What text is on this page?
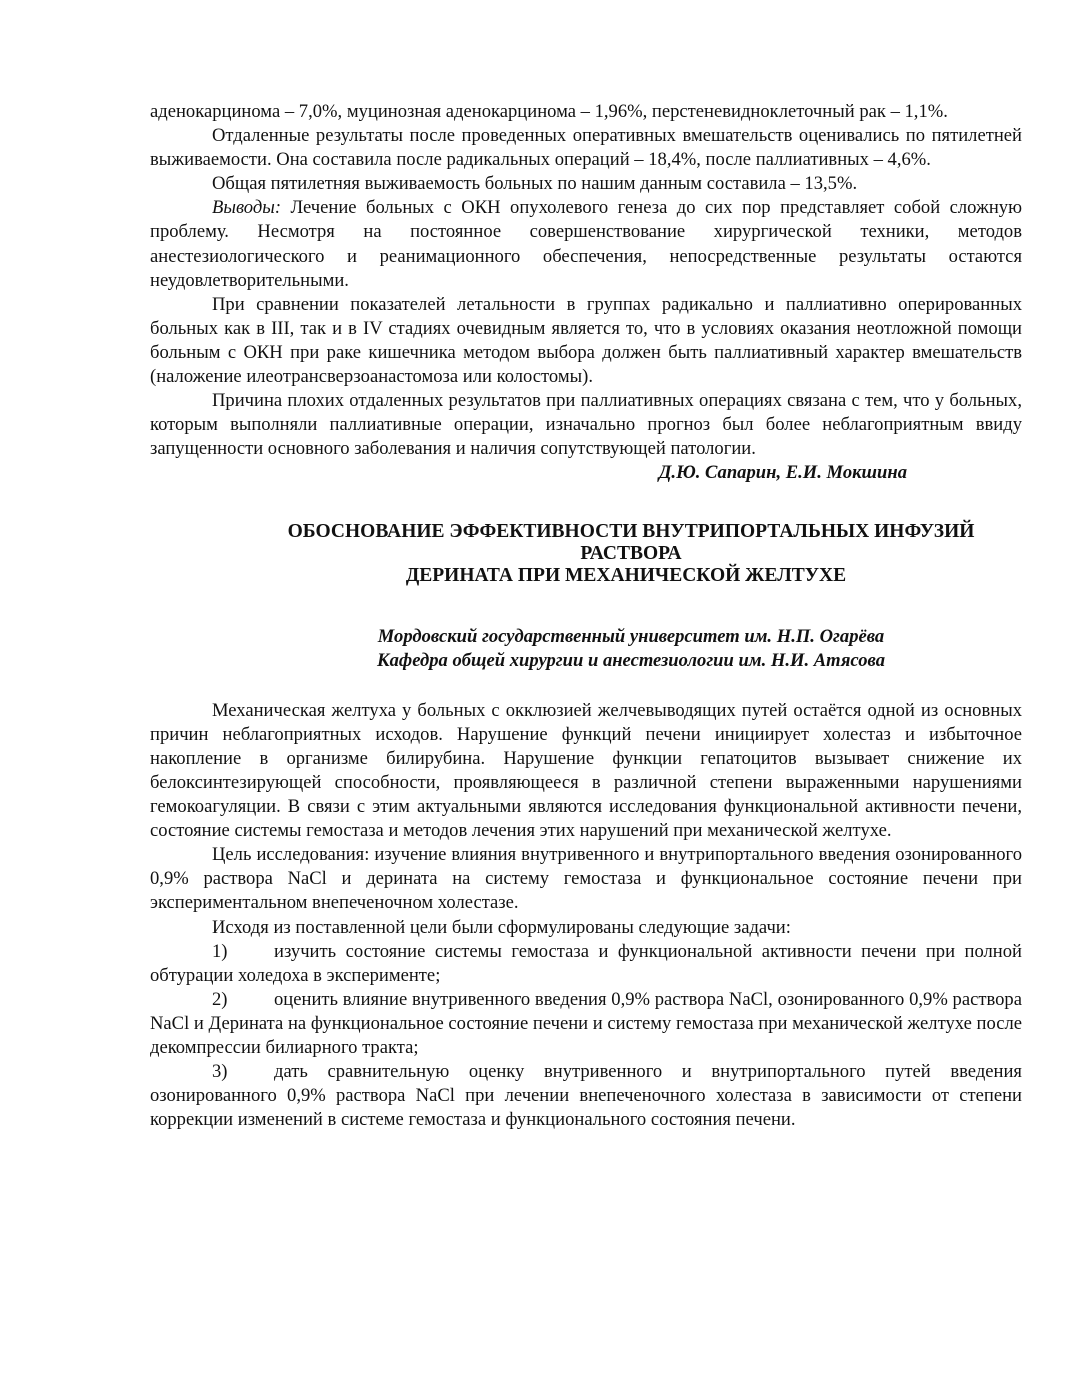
аденокарцинома – 7,0%, муцинозная аденокарцинома – 1,96%, перстеневидноклеточный рак – 1,1%.

Отдаленные результаты после проведенных оперативных вмешательств оценивались по пятилетней выживаемости. Она составила после радикальных операций – 18,4%, после паллиативных – 4,6%.

Общая пятилетняя выживаемость больных по нашим данным составила – 13,5%.

Выводы: Лечение больных с ОКН опухолевого генеза до сих пор представляет собой сложную проблему. Несмотря на постоянное совершенствование хирургической техники, методов анестезиологического и реанимационного обеспечения, непосредственные результаты остаются неудовлетворительными.

При сравнении показателей летальности в группах радикально и паллиативно оперированных больных как в III, так и в IV стадиях очевидным является то, что в условиях оказания неотложной помощи больным с ОКН при раке кишечника методом выбора должен быть паллиативный характер вмешательств (наложение илеотрансверзоанастомоза или колостомы).

Причина плохих отдаленных результатов при паллиативных операциях связана с тем, что у больных, которым выполняли паллиативные операции, изначально прогноз был более неблагоприятным ввиду запущенности основного заболевания и наличия сопутствующей патологии.

Д.Ю. Сапарин, Е.И. Мокшина

ОБОСНОВАНИЕ ЭФФЕКТИВНОСТИ ВНУТРИПОРТАЛЬНЫХ ИНФУЗИЙ
РАСТВОРА
ДЕРИНАТА ПРИ МЕХАНИЧЕСКОЙ ЖЕЛТУХЕ
Мордовский государственный университет им. Н.П. Огарёва
Кафедра общей хирургии и анестезиологии им. Н.И. Атясова

Механическая желтуха у больных с окклюзией желчевыводящих путей остаётся одной из основных причин неблагоприятных исходов. Нарушение функций печени инициирует холестаз и избыточное накопление в организме билирубина. Нарушение функции гепатоцитов вызывает снижение их белоксинтезирующей способности, проявляющееся в различной степени выраженными нарушениями гемокоагуляции. В связи с этим актуальными являются исследования функциональной активности печени, состояние системы гемостаза и методов лечения этих нарушений при механической желтухе.

Цель исследования: изучение влияния внутривенного и внутрипортального введения озонированного 0,9% раствора NaCl и дерината на систему гемостаза и функциональное состояние печени при экспериментальном внепеченочном холестазе.

Исходя из поставленной цели были сформулированы следующие задачи:

1)	изучить состояние системы гемостаза и функциональной активности печени при полной обтурации холедоха в эксперименте;

2)	оценить влияние внутривенного введения 0,9% раствора NaCl, озонированного 0,9% раствора NaCl и Дерината на функциональное состояние печени и систему гемостаза при механической желтухе после декомпрессии билиарного тракта;

3)	дать сравнительную оценку внутривенного и внутрипортального путей введения озонированного 0,9% раствора NaCl при лечении внепеченочного холестаза в зависимости от степени коррекции изменений в системе гемостаза и функционального состояния печени.
